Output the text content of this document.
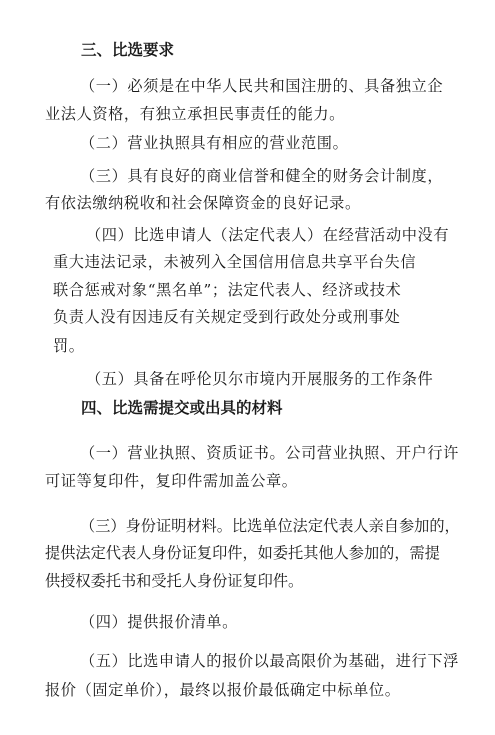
三、比选要求
（一）必须是在中华人民共和国注册的、具备独立企
业法人资格，有独立承担民事责任的能力。
（二）营业执照具有相应的营业范围。
（三）具有良好的商业信誉和健全的财务会计制度，
有依法缴纳税收和社会保障资金的良好记录。
（四）比选申请人（法定代表人）在经营活动中没有
重大违法记录，未被列入全国信用信息共享平台失信
联合惩戒对象“黑名单”；法定代表人、经济或技术
负责人没有因违反有关规定受到行政处分或刑事处
罚。
（五）具备在呼伦贝尔市境内开展服务的工作条件
四、比选需提交或出具的材料
（一）营业执照、资质证书。公司营业执照、开户行许
可证等复印件，复印件需加盖公章。
（三）身份证明材料。比选单位法定代表人亲自参加的，
提供法定代表人身份证复印件，如委托其他人参加的，需提
供授权委托书和受托人身份证复印件。
（四）提供报价清单。
（五）比选申请人的报价以最高限价为基础，进行下浮
报价（固定单价），最终以报价最低确定中标单位。
